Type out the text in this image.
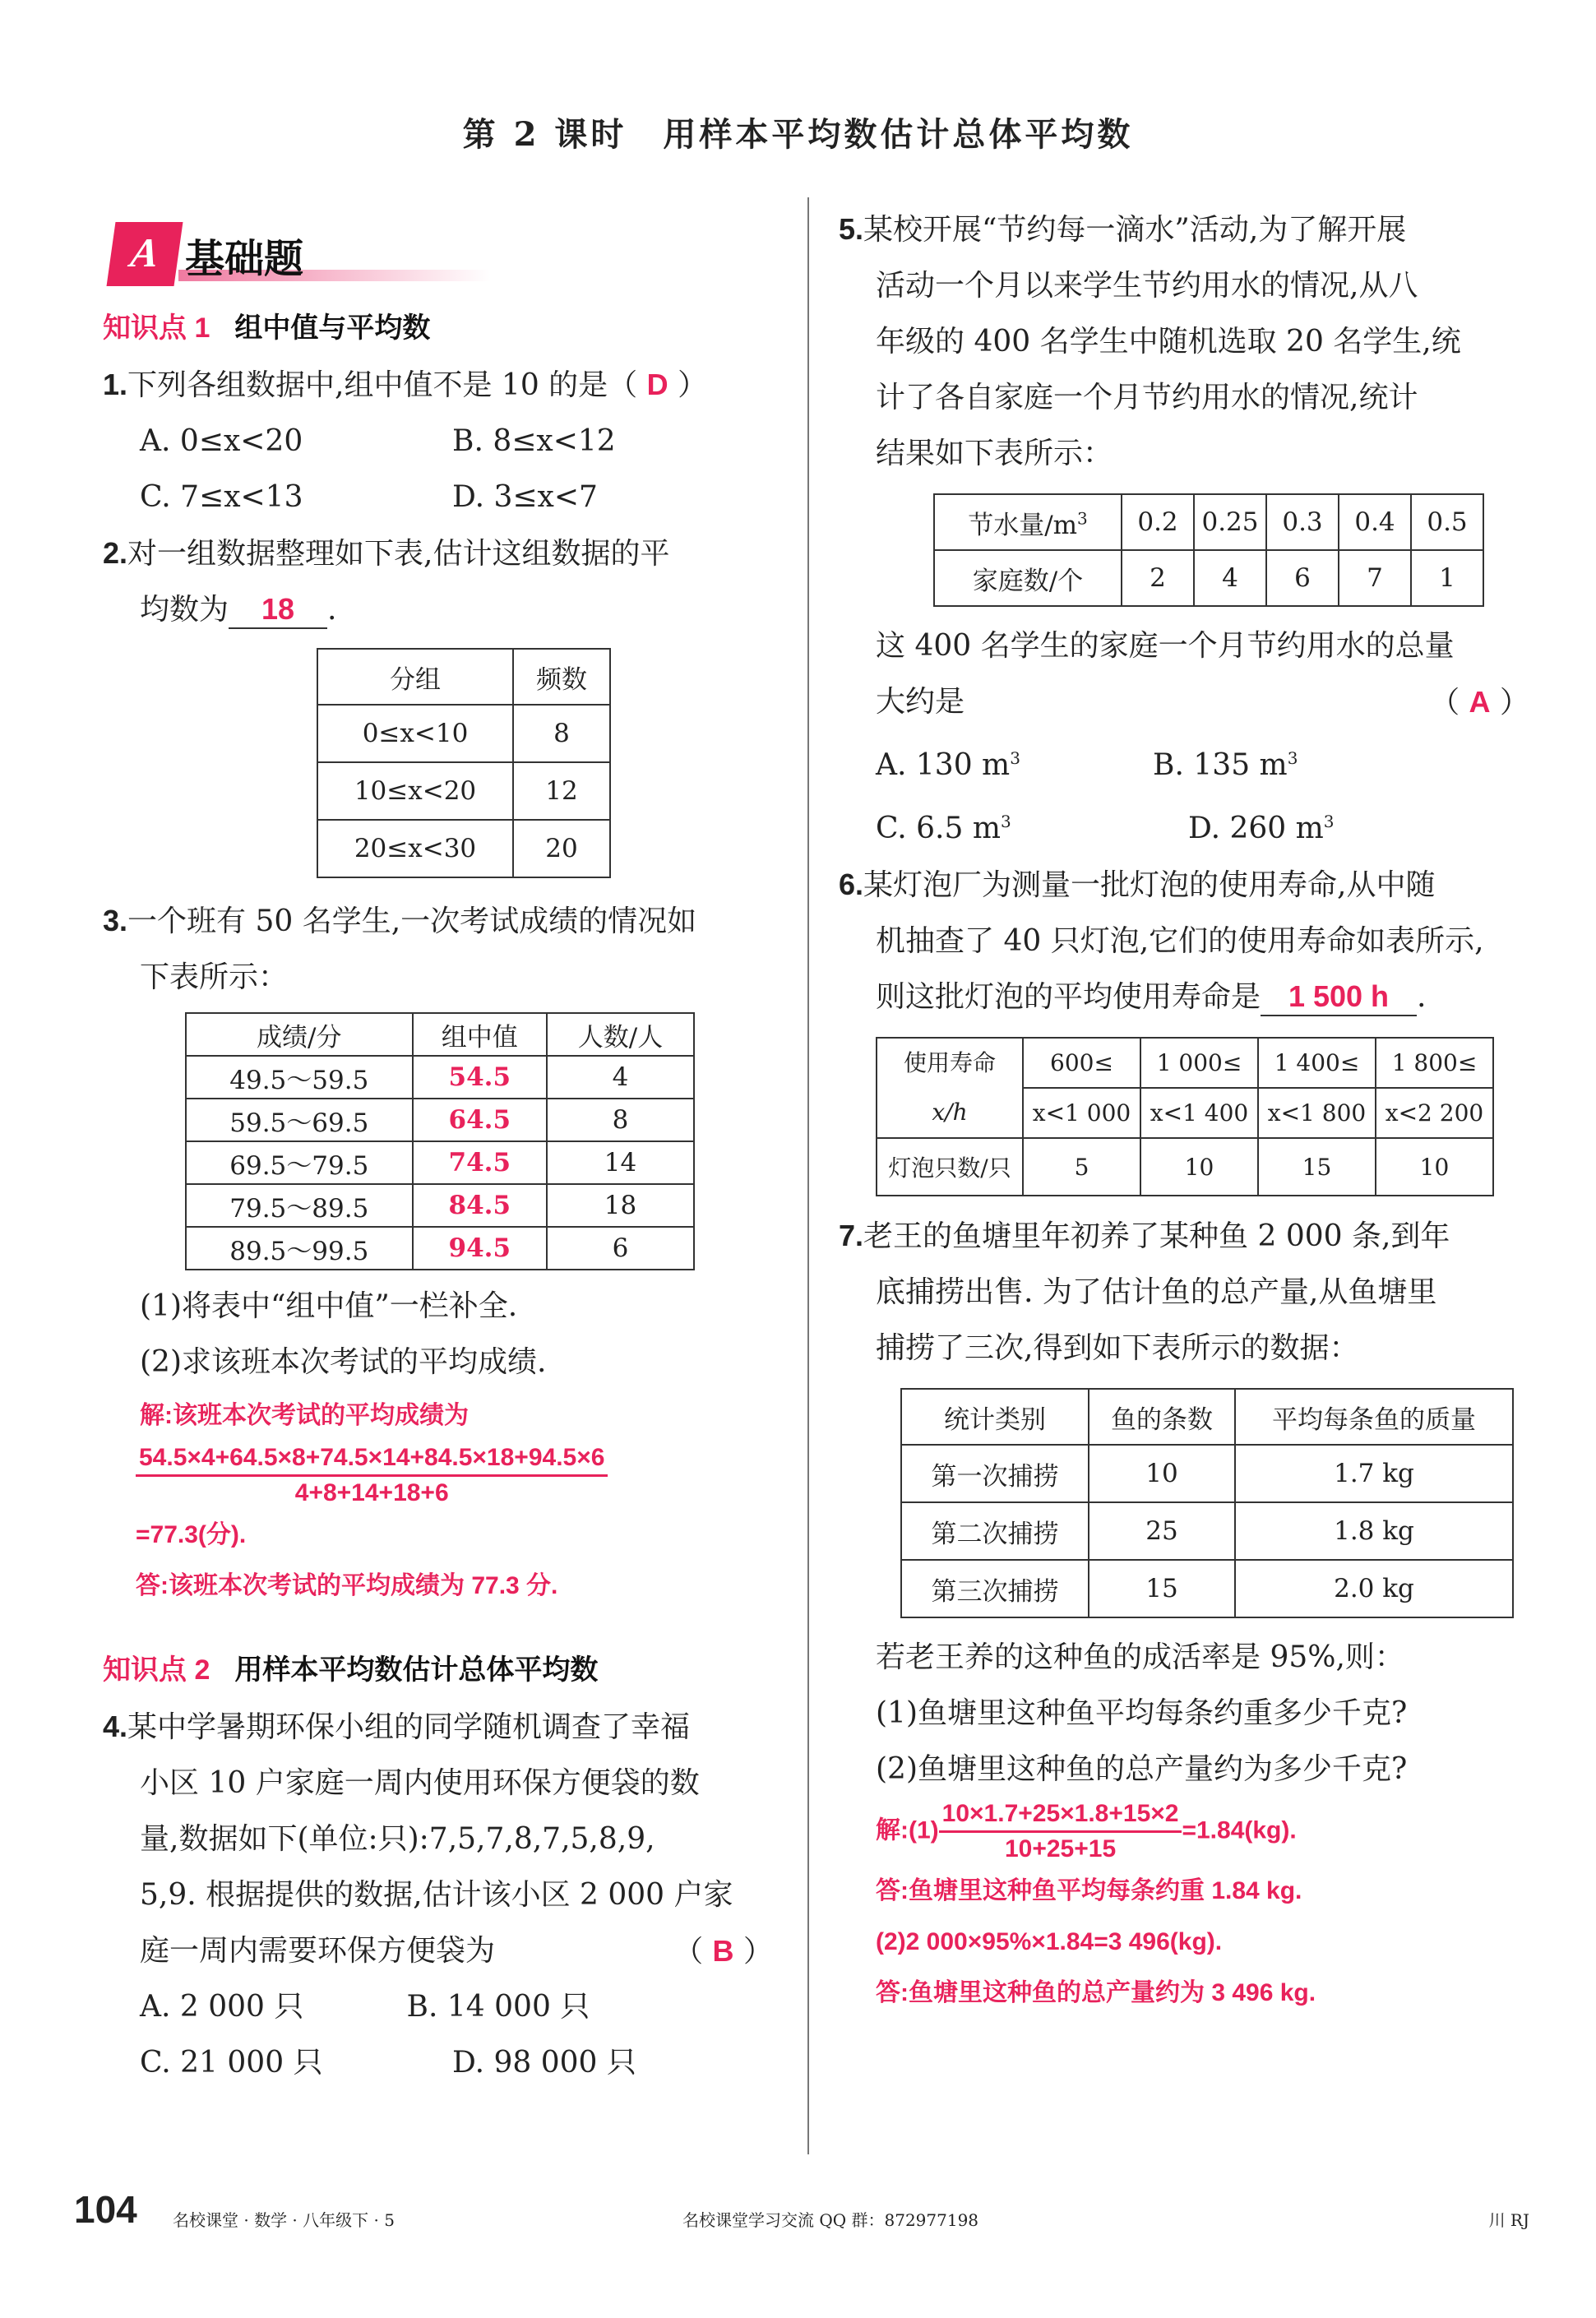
第 2 课时　用样本平均数估计总体平均数
A 基础题
知识点 1 组中值与平均数
1.下列各组数据中,组中值不是 10 的是（ D ）
A. 0≤x<20	B. 8≤x<12
C. 7≤x<13	D. 3≤x<7
2.对一组数据整理如下表,估计这组数据的平
均数为 18 .
分组	频数
0≤x<10	8
10≤x<20	12
20≤x<30	20
3.一个班有 50 名学生,一次考试成绩的情况如
下表所示：
成绩/分	组中值	人数/人
49.5～59.5	54.5	4
59.5～69.5	64.5	8
69.5～79.5	74.5	14
79.5～89.5	84.5	18
89.5～99.5	94.5	6
(1)将表中“组中值”一栏补全.
(2)求该班本次考试的平均成绩.
解:该班本次考试的平均成绩为
$\frac{54.5\times 4+64.5\times 8+74.5\times 14+84.5\times 18+94.5\times 6}{4+8+14+18+6}$
=77.3(分).
答:该班本次考试的平均成绩为 77.3 分.
知识点 2 用样本平均数估计总体平均数
4.某中学暑期环保小组的同学随机调查了幸福
小区 10 户家庭一周内使用环保方便袋的数
量,数据如下(单位:只):7,5,7,8,7,5,8,9,
5,9. 根据提供的数据,估计该小区 2 000 户家
庭一周内需要环保方便袋为	（ B ）
A. 2 000 只	B. 14 000 只
C. 21 000 只	D. 98 000 只
5.某校开展“节约每一滴水”活动,为了解开展
活动一个月以来学生节约用水的情况,从八
年级的 400 名学生中随机选取 20 名学生,统
计了各自家庭一个月节约用水的情况,统计
结果如下表所示：
节水量$/m^3$	0.2	0.25	0.3	0.4	0.5
家庭数/个	2	4	6	7	1
这 400 名学生的家庭一个月节约用水的总量
大约是	（ A ）
A. 130 $m^3$	B. 135 $m^3$
C. 6.5 $m^3$	D. 260 $m^3$
6.某灯泡厂为测量一批灯泡的使用寿命,从中随
机抽查了 40 只灯泡,它们的使用寿命如表所示,
则这批灯泡的平均使用寿命是 1 500 h .
使用寿命
x/h	600≤	1 000≤	1 400≤	1 800≤
	x<1 000	x<1 400	x<1 800	x<2 200
灯泡只数/只	5	10	15	10
7.老王的鱼塘里年初养了某种鱼 2 000 条,到年
底捕捞出售. 为了估计鱼的总产量,从鱼塘里
捕捞了三次,得到如下表所示的数据：
统计类别	鱼的条数	平均每条鱼的质量
第一次捕捞	10	1.7 kg
第二次捕捞	25	1.8 kg
第三次捕捞	15	2.0 kg
若老王养的这种鱼的成活率是 95%,则：
(1)鱼塘里这种鱼平均每条约重多少千克?
(2)鱼塘里这种鱼的总产量约为多少千克?
解:(1) $\frac{10\times 1.7+25\times 1.8+15\times 2}{10+25+15} =1.84(kg)$.
答:鱼塘里这种鱼平均每条约重 1.84 kg.
(2)2 000×95%×1.84=3 496(kg).
答:鱼塘里这种鱼的总产量约为 3 496 kg.
104 名校课堂 · 数学 · 八年级下 · 5	名校课堂学习交流 QQ 群：872977198	川 RJ
